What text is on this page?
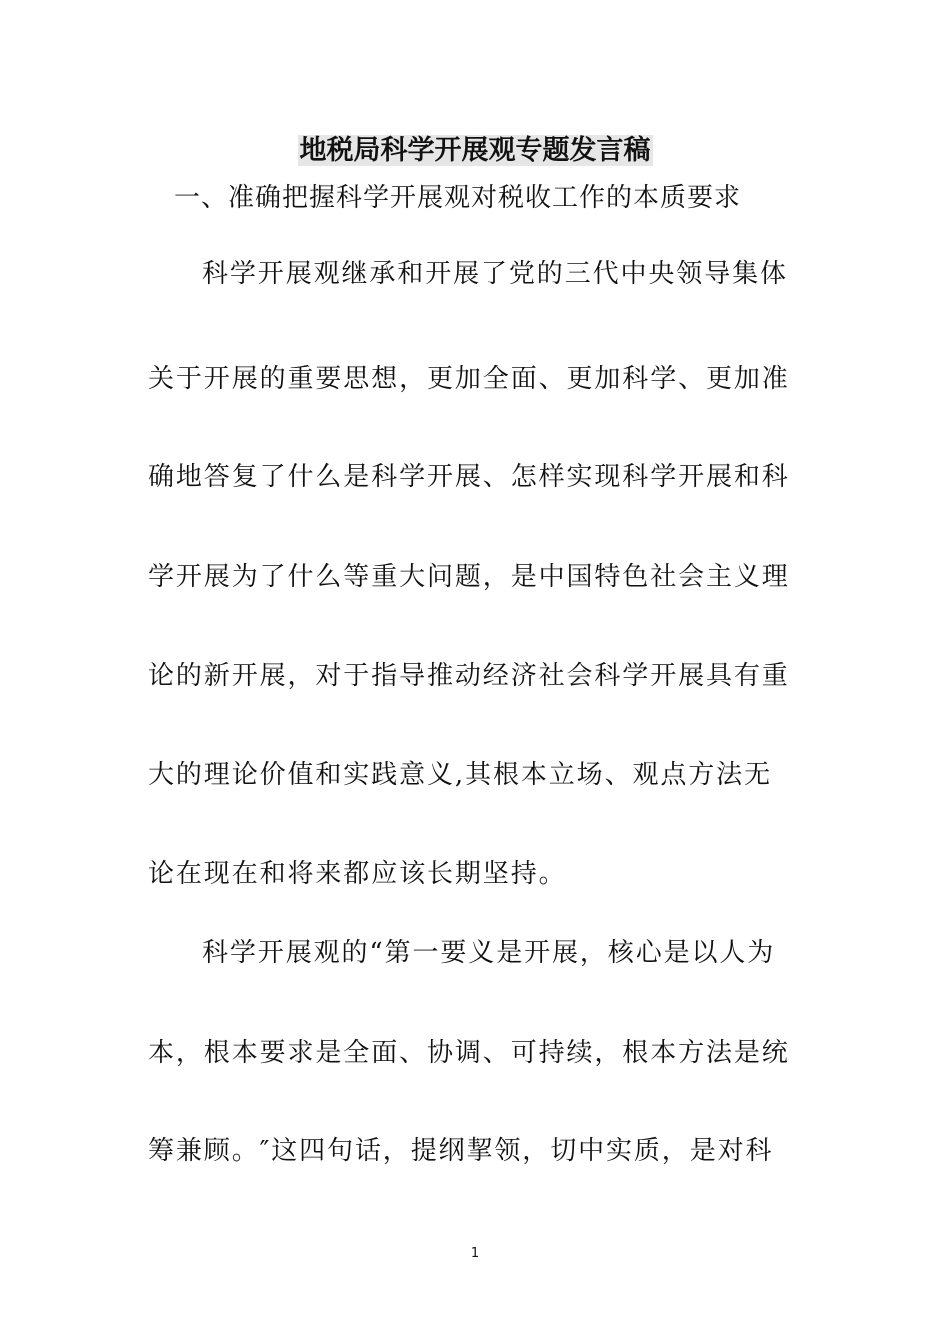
地税局科学开展观专题发言稿
一、准确把握科学开展观对税收工作的本质要求
科学开展观继承和开展了党的三代中央领导集体
关于开展的重要思想，更加全面、更加科学、更加准
确地答复了什么是科学开展、怎样实现科学开展和科
学开展为了什么等重大问题，是中国特色社会主义理
论的新开展，对于指导推动经济社会科学开展具有重
大的理论价值和实践意义,其根本立场、观点方法无
论在现在和将来都应该长期坚持。
科学开展观的“第一要义是开展，核心是以人为
本，根本要求是全面、协调、可持续，根本方法是统
筹兼顾。″这四句话，提纲挈领，切中实质，是对科
1
